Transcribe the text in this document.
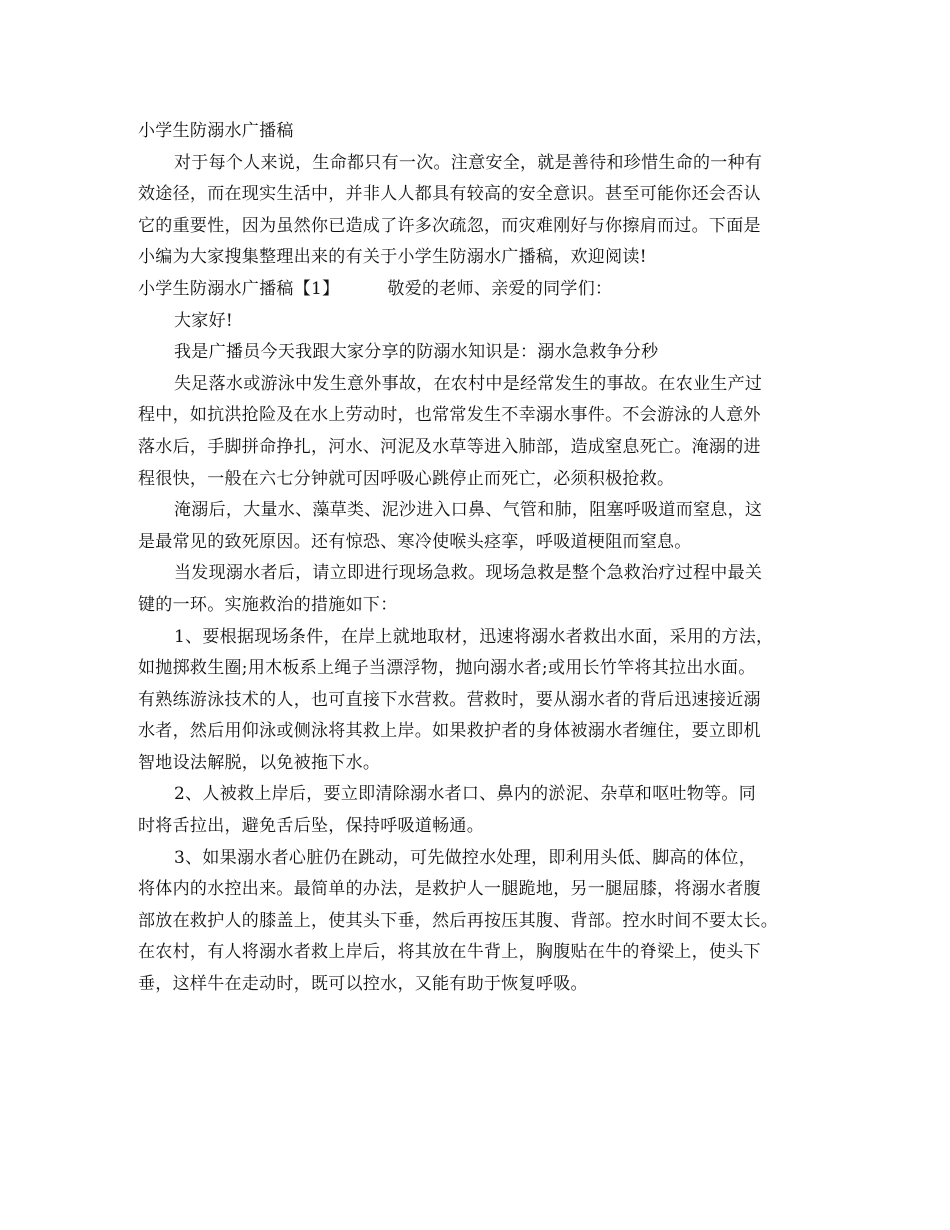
小学生防溺水广播稿
对于每个人来说，生命都只有一次。注意安全，就是善待和珍惜生命的一种有
效途径，而在现实生活中，并非人人都具有较高的安全意识。甚至可能你还会否认
它的重要性，因为虽然你已造成了许多次疏忽，而灾难刚好与你擦肩而过。下面是
小编为大家搜集整理出来的有关于小学生防溺水广播稿，欢迎阅读!
小学生防溺水广播稿【1】	敬爱的老师、亲爱的同学们：
大家好!
我是广播员今天我跟大家分享的防溺水知识是：溺水急救争分秒
失足落水或游泳中发生意外事故，在农村中是经常发生的事故。在农业生产过
程中，如抗洪抢险及在水上劳动时，也常常发生不幸溺水事件。不会游泳的人意外
落水后，手脚拼命挣扎，河水、河泥及水草等进入肺部，造成窒息死亡。淹溺的进
程很快，一般在六七分钟就可因呼吸心跳停止而死亡，必须积极抢救。
淹溺后，大量水、藻草类、泥沙进入口鼻、气管和肺，阻塞呼吸道而窒息，这
是最常见的致死原因。还有惊恐、寒冷使喉头痉挛，呼吸道梗阻而窒息。
当发现溺水者后，请立即进行现场急救。现场急救是整个急救治疗过程中最关
键的一环。实施救治的措施如下：
1、要根据现场条件，在岸上就地取材，迅速将溺水者救出水面，采用的方法，
如抛掷救生圈;用木板系上绳子当漂浮物，抛向溺水者;或用长竹竿将其拉出水面。
有熟练游泳技术的人，也可直接下水营救。营救时，要从溺水者的背后迅速接近溺
水者，然后用仰泳或侧泳将其救上岸。如果救护者的身体被溺水者缠住，要立即机
智地设法解脱，以免被拖下水。
2、人被救上岸后，要立即清除溺水者口、鼻内的淤泥、杂草和呕吐物等。同
时将舌拉出，避免舌后坠，保持呼吸道畅通。
3、如果溺水者心脏仍在跳动，可先做控水处理，即利用头低、脚高的体位，
将体内的水控出来。最简单的办法，是救护人一腿跪地，另一腿屈膝，将溺水者腹
部放在救护人的膝盖上，使其头下垂，然后再按压其腹、背部。控水时间不要太长。
在农村，有人将溺水者救上岸后，将其放在牛背上，胸腹贴在牛的脊梁上，使头下
垂，这样牛在走动时，既可以控水，又能有助于恢复呼吸。
